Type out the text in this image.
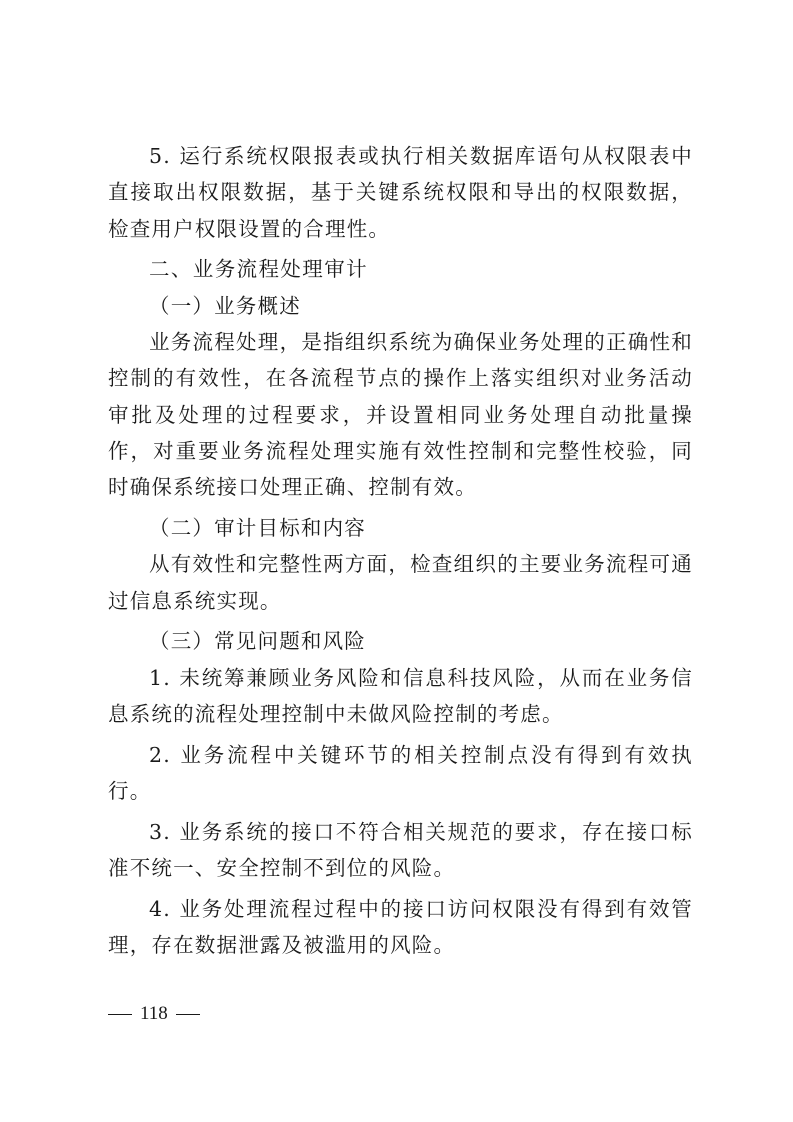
5. 运行系统权限报表或执行相关数据库语句从权限表中直接取出权限数据，基于关键系统权限和导出的权限数据，检查用户权限设置的合理性。

二、业务流程处理审计

（一）业务概述

业务流程处理，是指组织系统为确保业务处理的正确性和控制的有效性，在各流程节点的操作上落实组织对业务活动审批及处理的过程要求，并设置相同业务处理自动批量操作，对重要业务流程处理实施有效性控制和完整性校验，同时确保系统接口处理正确、控制有效。

（二）审计目标和内容

从有效性和完整性两方面，检查组织的主要业务流程可通过信息系统实现。

（三）常见问题和风险

1. 未统筹兼顾业务风险和信息科技风险，从而在业务信息系统的流程处理控制中未做风险控制的考虑。

2. 业务流程中关键环节的相关控制点没有得到有效执行。

3. 业务系统的接口不符合相关规范的要求，存在接口标准不统一、安全控制不到位的风险。

4. 业务处理流程过程中的接口访问权限没有得到有效管理，存在数据泄露及被滥用的风险。

118
